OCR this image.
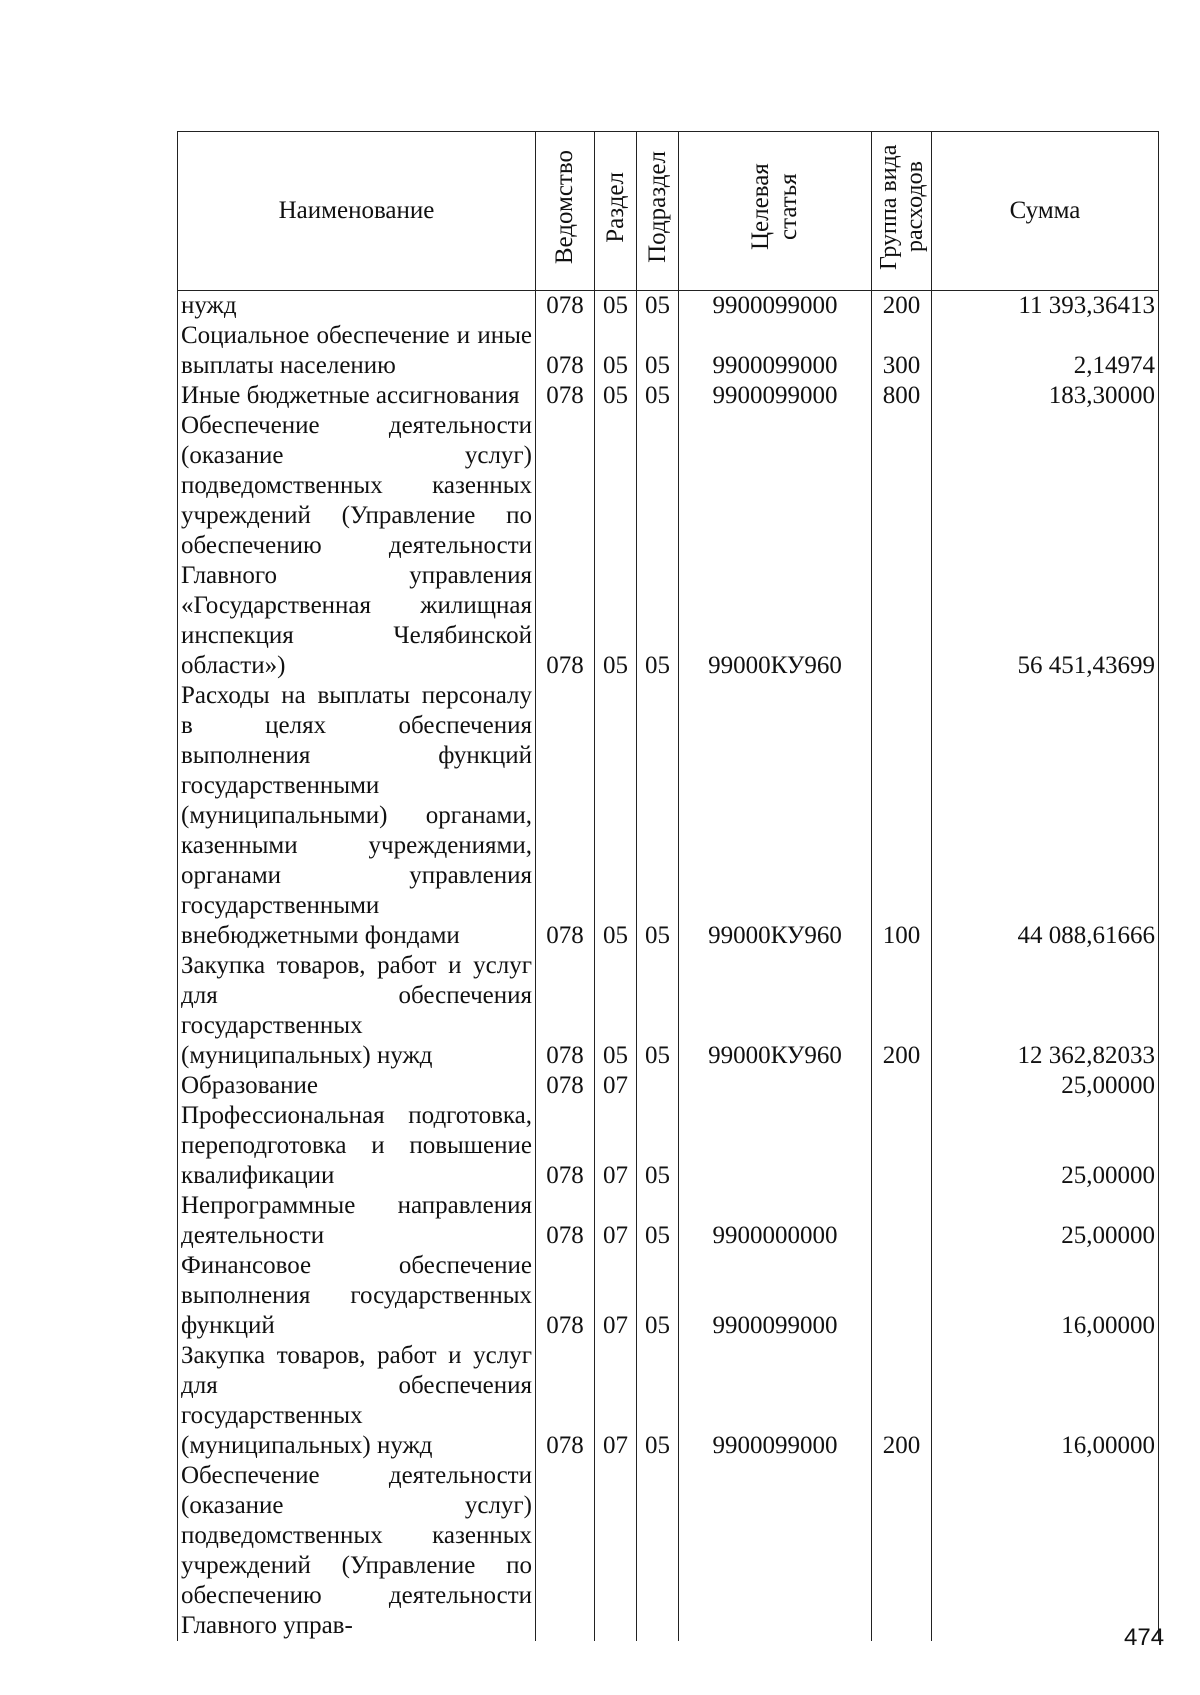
Наименование	Ведомство	Раздел	Подраздел	Целевая статья	Группа вида расходов	Сумма
нужд	078	05	05	9900099000	200	11 393,36413
Социальное обеспечение и иные выплаты населению	078	05	05	9900099000	300	2,14974
Иные бюджетные ассигнования	078	05	05	9900099000	800	183,30000
Обеспечение деятельности (оказание услуг) подведомственных казенных учреждений (Управление по обеспечению деятельности Главного управления «Государственная жилищная инспекция Челябинской области»)	078	05	05	99000КУ960		56 451,43699
Расходы на выплаты персоналу в целях обеспечения выполнения функций государственными (муниципальными) органами, казенными учреждениями, органами управления государственными внебюджетными фондами	078	05	05	99000КУ960	100	44 088,61666
Закупка товаров, работ и услуг для обеспечения государственных (муниципальных) нужд	078	05	05	99000КУ960	200	12 362,82033
Образование	078	07				25,00000
Профессиональная подготовка, переподготовка и повышение квалификации	078	07	05			25,00000
Непрограммные направления деятельности	078	07	05	9900000000		25,00000
Финансовое обеспечение выполнения государственных функций	078	07	05	9900099000		16,00000
Закупка товаров, работ и услуг для обеспечения государственных (муниципальных) нужд	078	07	05	9900099000	200	16,00000
Обеспечение деятельности (оказание услуг) подведомственных казенных учреждений (Управление по обеспечению деятельности Главного управ-							474
